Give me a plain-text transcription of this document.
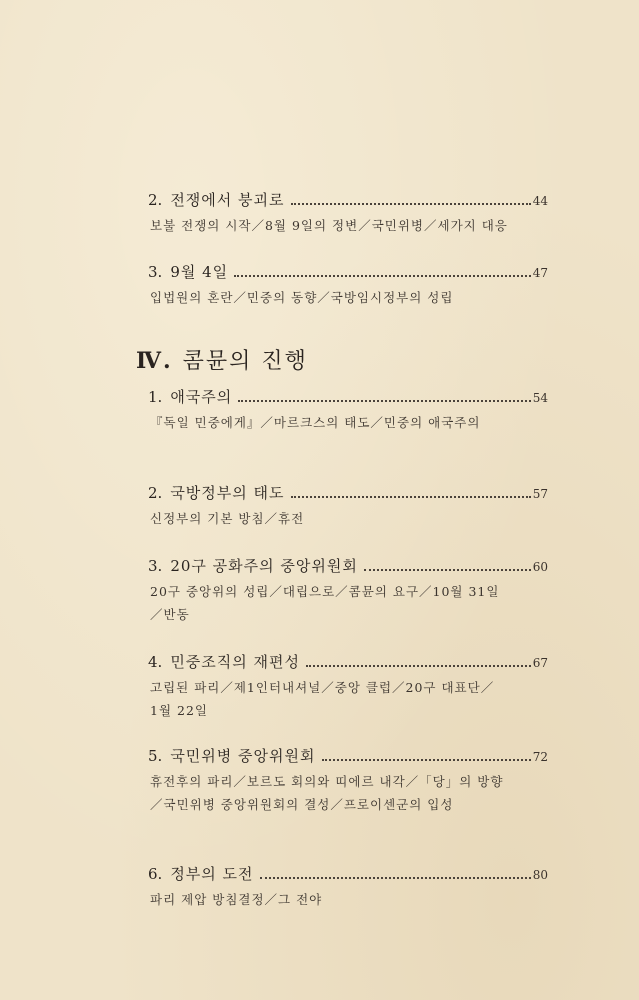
2. 전쟁에서 붕괴로	44
보불 전쟁의 시작／8월 9일의 정변／국민위병／세가지 대응
3. 9월 4일	47
입법원의 혼란／민중의 동향／국방임시정부의 성립
Ⅳ. 콤뮨의 진행
1. 애국주의	54
『독일 민중에게』／마르크스의 태도／민중의 애국주의
2. 국방정부의 태도	57
신정부의 기본 방침／휴전
3. 20구 공화주의 중앙위원회	60
20구 중앙위의 성립／대립으로／콤뮨의 요구／10월 31일／반동
4. 민중조직의 재편성	67
고립된 파리／제1인터내셔널／중앙 클럽／20구 대표단／1월 22일
5. 국민위병 중앙위원회	72
휴전후의 파리／보르도 회의와 띠에르 내각／「당」의 방향／국민위병 중앙위원회의 결성／프로이센군의 입성
6. 정부의 도전	80
파리 제압 방침결정／그 전야
